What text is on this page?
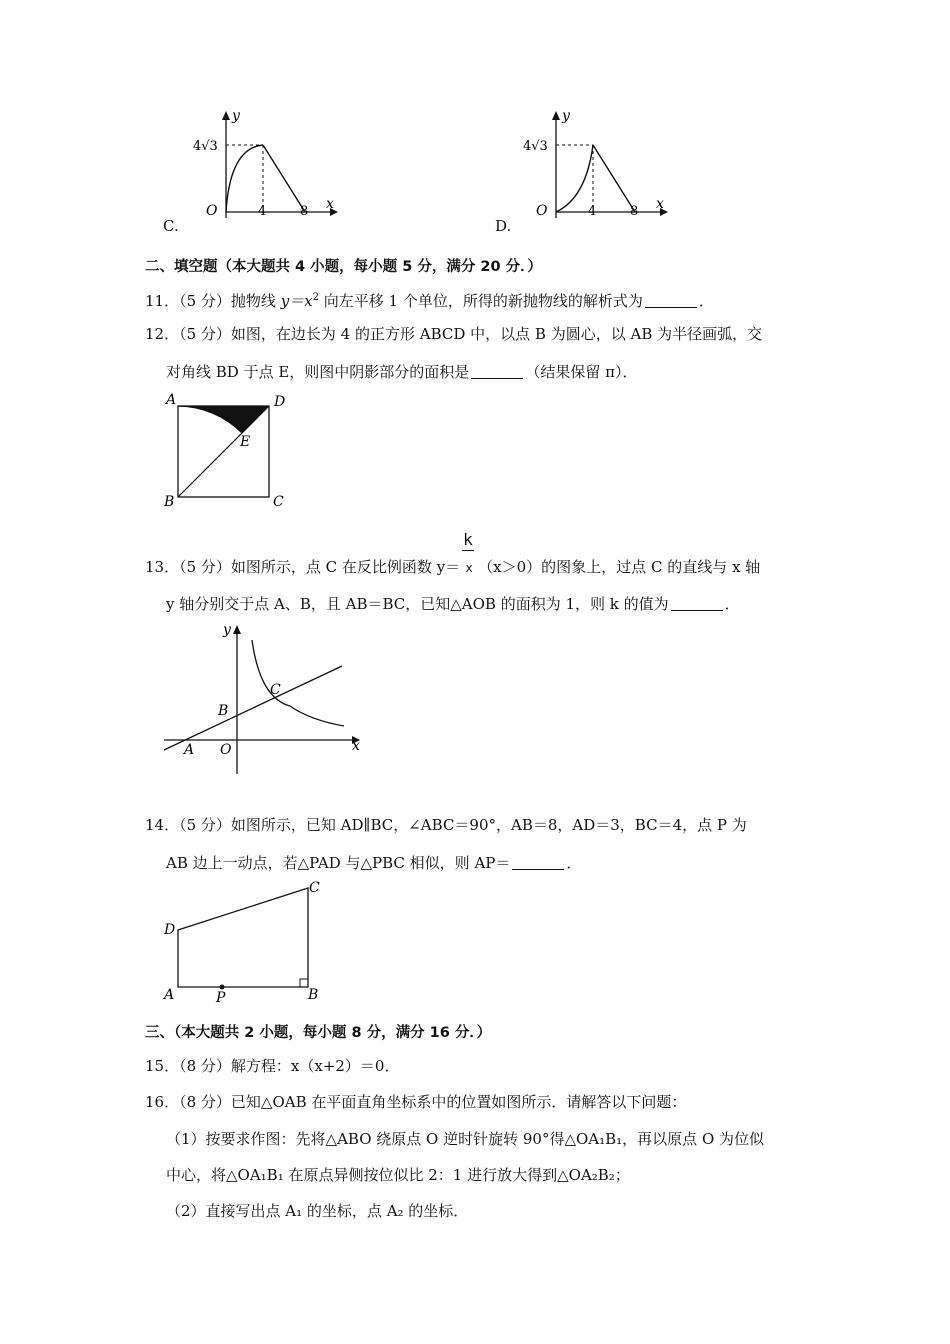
C.
y
x
O
4√3
4	8
D.
y
x
O
4√3
4	8
二、填空题（本大题共 4 小题，每小题 5 分，满分 20 分．）
11．（5 分）抛物线 $y=x^2$ 向左平移 1 个单位，所得的新抛物线的解析式为	．
12．（5 分）如图，在边长为 4 的正方形 ABCD 中，以点 B 为圆心，以 AB 为半径画弧，交
对角线 BD 于点 E，则图中阴影部分的面积是	（结果保留 π）．
A	D
E
B	C
13．（5 分）如图所示，点 C 在反比例函数 y＝
k
x （x＞0）的图象上，过点 C 的直线与 x 轴
y 轴分别交于点 A、B，且 AB＝BC，已知△AOB 的面积为 1，则 k 的值为	．
y
x
O
A
B
C
14．（5 分）如图所示，已知 AD∥BC，∠ABC＝90°，AB＝8，AD＝3，BC＝4，点 P 为
AB 边上一动点，若△PAD 与△PBC 相似，则 AP＝	．
A	B
C
D
P
三、（本大题共 2 小题，每小题 8 分，满分 16 分．）
15．（8 分）解方程：x（x+2）＝0．
16．（8 分）已知△OAB 在平面直角坐标系中的位置如图所示．请解答以下问题：
（1）按要求作图：先将△ABO 绕原点 O 逆时针旋转 90°得△OA₁B₁，再以原点 O 为位似
中心，将△OA₁B₁ 在原点异侧按位似比 2：1 进行放大得到△OA₂B₂；
（2）直接写出点 A₁ 的坐标，点 A₂ 的坐标．
